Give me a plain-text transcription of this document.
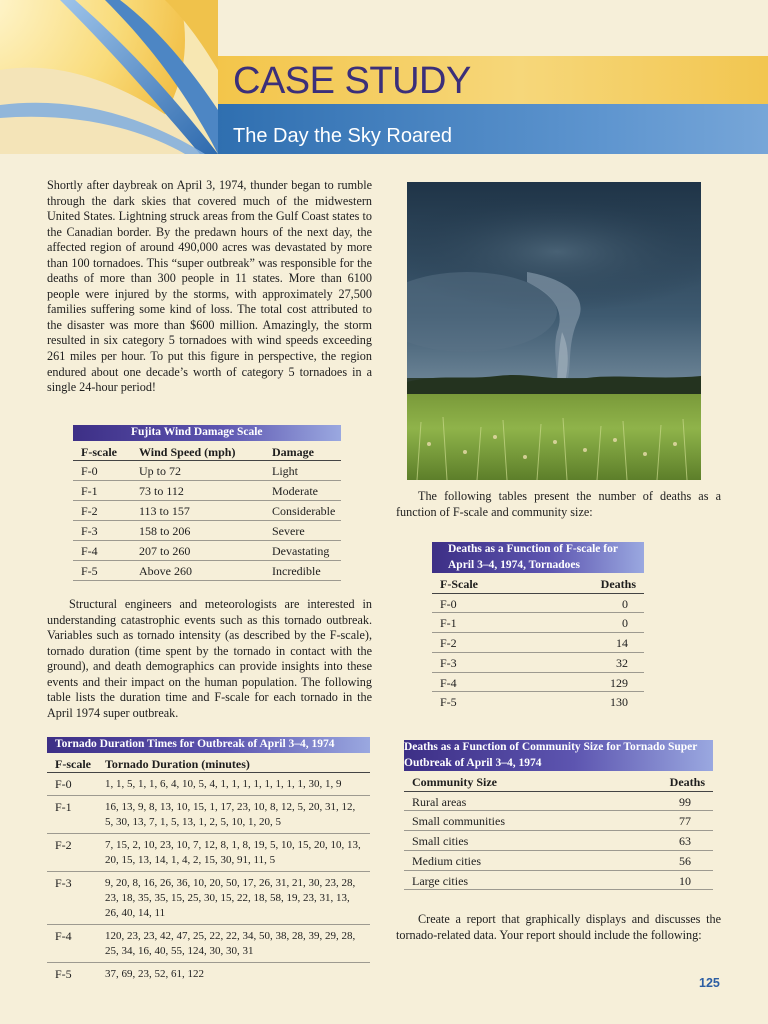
CASE STUDY
The Day the Sky Roared

Shortly after daybreak on April 3, 1974, thunder began to rumble through the dark skies that covered much of the midwestern United States. Lightning struck areas from the Gulf Coast states to the Canadian border. By the predawn hours of the next day, the affected region of around 490,000 acres was devastated by more than 100 tornadoes. This “super outbreak” was responsible for the deaths of more than 300 people in 11 states. More than 6100 people were injured by the storms, with approximately 27,500 families suffering some kind of loss. The total cost attributed to the disaster was more than $600 million. Amazingly, the storm resulted in six category 5 tornadoes with wind speeds exceeding 261 miles per hour. To put this figure in perspective, the region endured about one decade’s worth of category 5 tornadoes in a single 24-hour period!

Fujita Wind Damage Scale		
F-scale	Wind Speed (mph)	Damage
F-0	Up to 72	Light
F-1	73 to 112	Moderate
F-2	113 to 157	Considerable
F-3	158 to 206	Severe
F-4	207 to 260	Devastating
F-5	Above 260	Incredible

Structural engineers and meteorologists are interested in understanding catastrophic events such as this tornado outbreak. Variables such as tornado intensity (as described by the F-scale), tornado duration (time spent by the tornado in contact with the ground), and death demographics can provide insights into these events and their impact on the human population. The following table lists the duration time and F-scale for each tornado in the April 1974 super outbreak.

Tornado Duration Times for Outbreak of April 3–4, 1974	
F-scale	Tornado Duration (minutes)
F-0	1, 1, 5, 1, 1, 6, 4, 10, 5, 4, 1, 1, 1, 1, 1, 1, 1, 1, 30, 1, 9
F-1	16, 13, 9, 8, 13, 10, 15, 1, 17, 23, 10, 8, 12, 5, 20, 31, 12, 5, 30, 13, 7, 1, 5, 13, 1, 2, 5, 10, 1, 20, 5
F-2	7, 15, 2, 10, 23, 10, 7, 12, 8, 1, 8, 19, 5, 10, 15, 20, 10, 13, 20, 15, 13, 14, 1, 4, 2, 15, 30, 91, 11, 5
F-3	9, 20, 8, 16, 26, 36, 10, 20, 50, 17, 26, 31, 21, 30, 23, 28, 23, 18, 35, 35, 15, 25, 30, 15, 22, 18, 58, 19, 23, 31, 13, 26, 40, 14, 11
F-4	120, 23, 23, 42, 47, 25, 22, 22, 34, 50, 38, 28, 39, 29, 28, 25, 34, 16, 40, 55, 124, 30, 30, 31
F-5	37, 69, 23, 52, 61, 122

The following tables present the number of deaths as a function of F-scale and community size:

Deaths as a Function of F-scale for April 3–4, 1974, Tornadoes	
F-Scale	Deaths
F-0	0
F-1	0
F-2	14
F-3	32
F-4	129
F-5	130
Deaths as a Function of Community Size for Tornado Super Outbreak of April 3–4, 1974	
Community Size	Deaths
Rural areas	99
Small communities	77
Small cities	63
Medium cities	56
Large cities	10

Create a report that graphically displays and discusses the tornado-related data. Your report should include the following:

125
